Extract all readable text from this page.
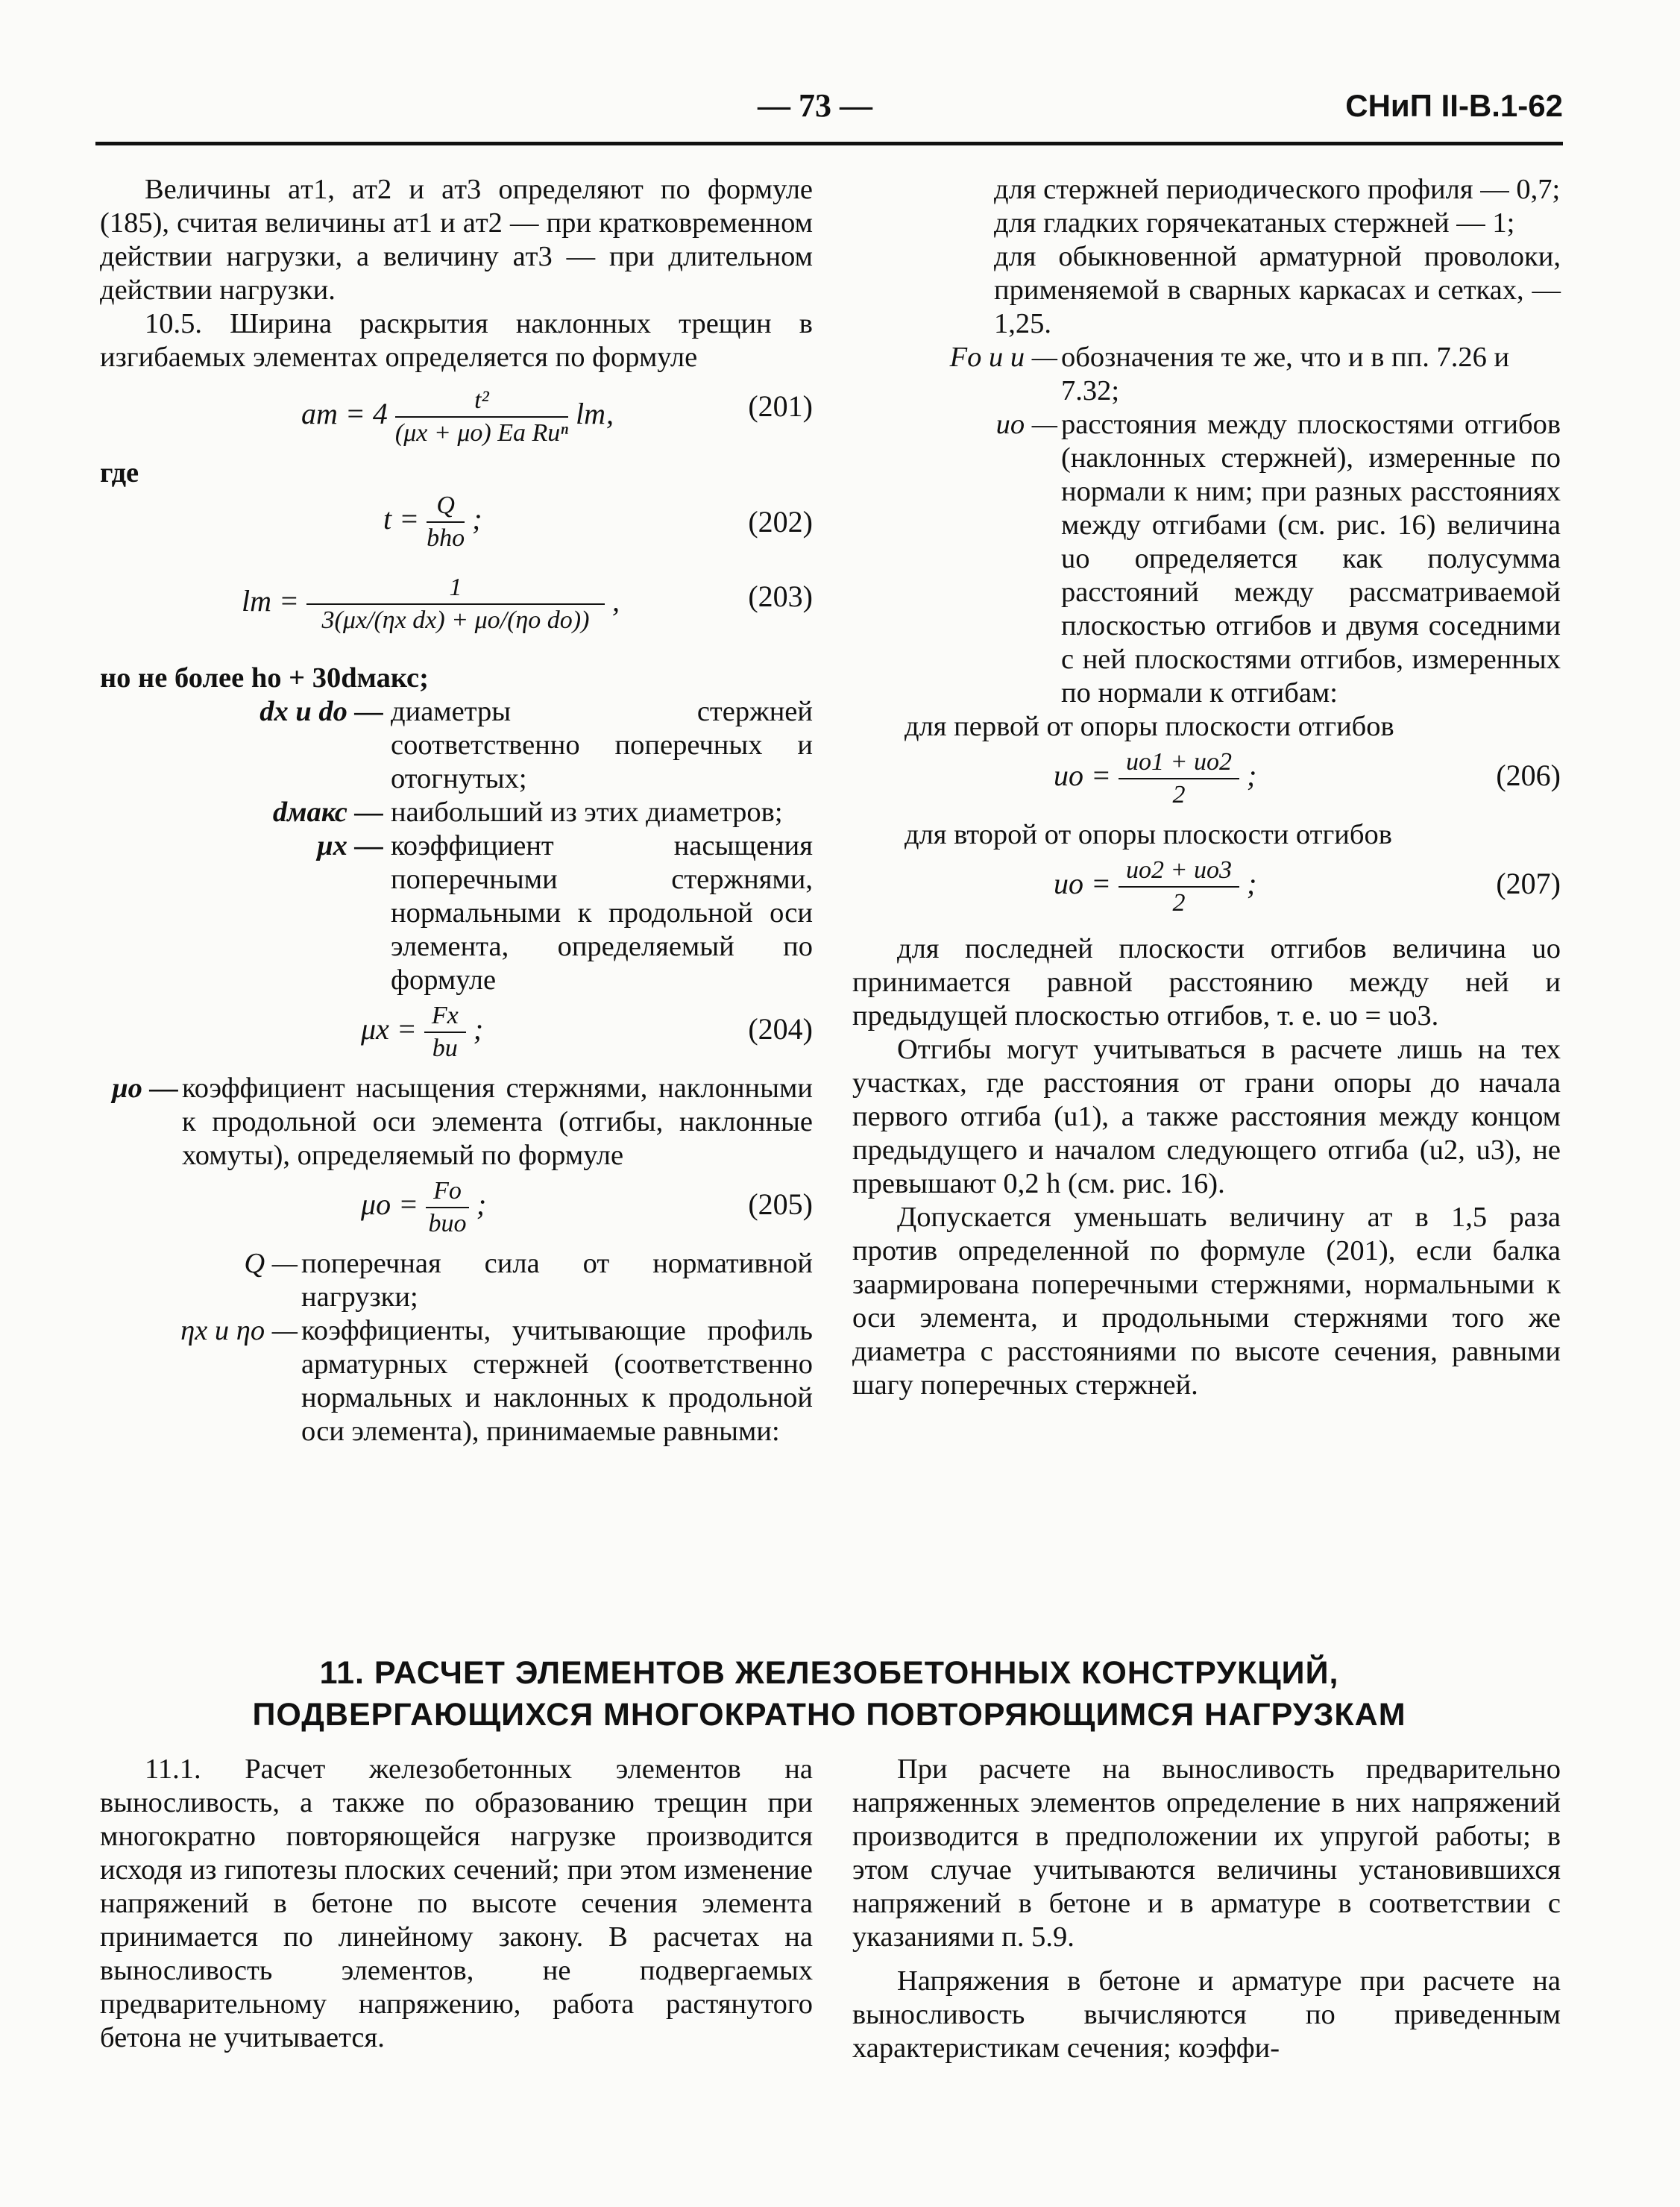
— 73 —	СНиП II-В.1-62

Величины aт1, aт2 и aт3 определяют по формуле (185), считая величины aт1 и aт2 — при кратковременном действии нагрузки, а величину aт3 — при длительном действии нагрузки.

10.5. Ширина раскрытия наклонных трещин в изгибаемых элементах определяется по формуле

aт = $4 \frac{\text{t²}}{\text{(μx + μо) Eа Rиⁿ}}$ lт,	(201)

где

$t = \frac{Q}{\text{bhо}}$ ;	(202)
lт = $\frac{1}{\text{3(μx/(ηx dx) + μо/(ηо dо))}}$ ,	(203)

но не более hо + 30dмакс;

dx и dо — диаметры стержней соответственно поперечных и отогнутых;

dмакс — наибольший из этих диаметров;

μx — коэффициент насыщения поперечными стержнями, нормальными к продольной оси элемента, определяемый по формуле

$\mu x = \frac{Fx}{bu}$ ;	(204)
μо — коэффициент насыщения стержнями, наклонными к продольной оси элемента (отгибы, наклонные хомуты), определяемый по формуле

$\mu о = \frac{Fо}{\text{buо}}$ ;	(205)
Q — поперечная сила от нормативной нагрузки;

ηx и ηо — коэффициенты, учитывающие профиль арматурных стержней (соответственно нормальных и наклонных к продольной оси элемента), принимаемые равными:

для стержней периодического профиля — 0,7;

для гладких горячекатаных стержней — 1;

для обыкновенной арматурной проволоки, применяемой в сварных каркасах и сетках, — 1,25.

Fо и u — обозначения те же, что и в пп. 7.26 и 7.32;

uо — расстояния между плоскостями отгибов (наклонных стержней), измеренные по нормали к ним; при разных расстояниях между отгибами (см. рис. 16) величина uо определяется как полусумма расстояний между рассматриваемой плоскостью отгибов и двумя соседними с ней плоскостями отгибов, измеренных по нормали к отгибам:

для первой от опоры плоскости отгибов

uо = $\frac{uо1 + uо2}{2}$ ;	(206)

для второй от опоры плоскости отгибов

uо = $\frac{uо2 + uо3}{2}$ ;	(207)

для последней плоскости отгибов величина uо принимается равной расстоянию между ней и предыдущей плоскостью отгибов, т. е. uо = uо3.

Отгибы могут учитываться в расчете лишь на тех участках, где расстояния от грани опоры до начала первого отгиба (u1), а также расстояния между концом предыдущего и началом следующего отгиба (u2, u3), не превышают 0,2 h (см. рис. 16).

Допускается уменьшать величину aт в 1,5 раза против определенной по формуле (201), если балка заармирована поперечными стержнями, нормальными к оси элемента, и продольными стержнями того же диаметра с расстояниями по высоте сечения, равными шагу поперечных стержней.

11. РАСЧЕТ ЭЛЕМЕНТОВ ЖЕЛЕЗОБЕТОННЫХ КОНСТРУКЦИЙ,
ПОДВЕРГАЮЩИХСЯ МНОГОКРАТНО ПОВТОРЯЮЩИМСЯ НАГРУЗКАМ

11.1. Расчет железобетонных элементов на выносливость, а также по образованию трещин при многократно повторяющейся нагрузке производится исходя из гипотезы плоских сечений; при этом изменение напряжений в бетоне по высоте сечения элемента принимается по линейному закону. В расчетах на выносливость элементов, не подвергаемых предварительному напряжению, работа растянутого бетона не учитывается.

При расчете на выносливость предварительно напряженных элементов определение в них напряжений производится в предположении их упругой работы; в этом случае учитываются величины установившихся напряжений в бетоне и в арматуре в соответствии с указаниями п. 5.9.

Напряжения в бетоне и арматуре при расчете на выносливость вычисляются по приведенным характеристикам сечения; коэффи-
